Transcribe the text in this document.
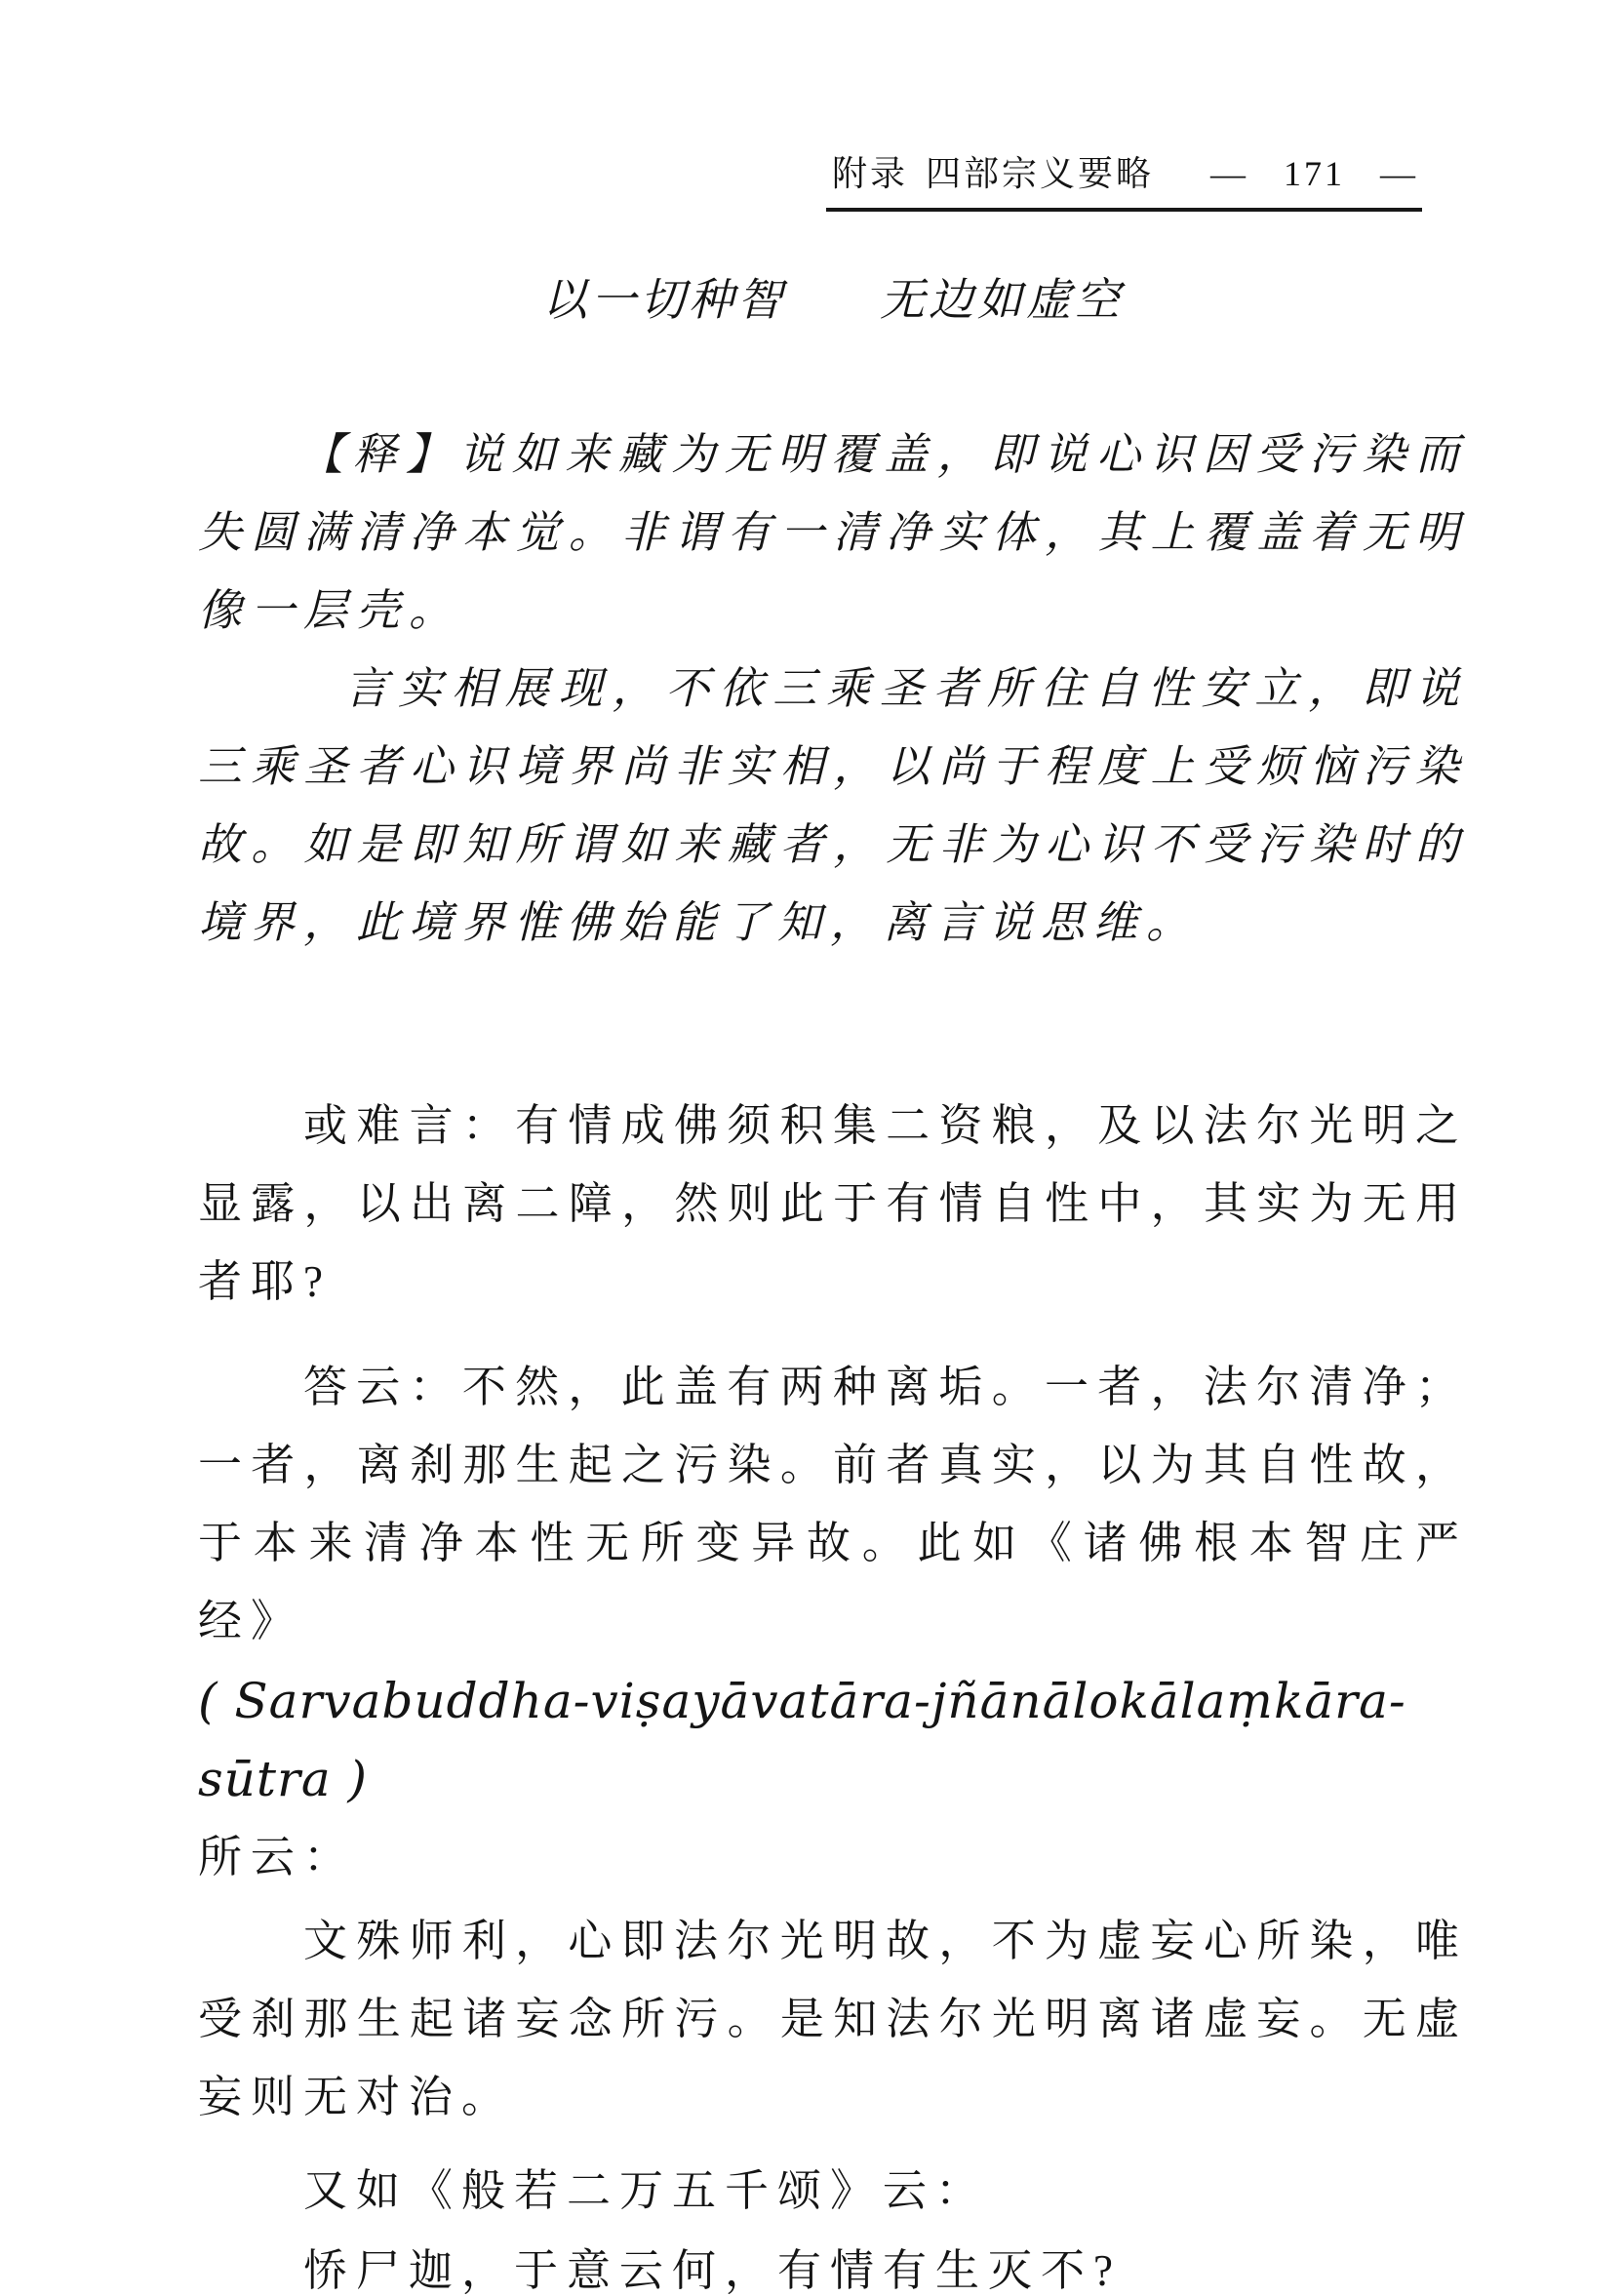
附录 四部宗义要略 — 171 —
以一切种智 无边如虚空

【释】说如来藏为无明覆盖，即说心识因受污染而失圆满清净本觉。非谓有一清净实体，其上覆盖着无明像一层壳。

言实相展现，不依三乘圣者所住自性安立，即说三乘圣者心识境界尚非实相，以尚于程度上受烦恼污染故。如是即知所谓如来藏者，无非为心识不受污染时的境界，此境界惟佛始能了知，离言说思维。

或难言：有情成佛须积集二资粮，及以法尔光明之显露，以出离二障，然则此于有情自性中，其实为无用者耶?

答云：不然，此盖有两种离垢。一者，法尔清净；一者，离刹那生起之污染。前者真实，以为其自性故，于本来清净本性无所变异故。此如《诸佛根本智庄严经》

( Sarvabuddha-viṣayāvatāra-jñānālokālaṃkāra-sūtra )

所云：

文殊师利，心即法尔光明故，不为虚妄心所染，唯受刹那生起诸妄念所污。是知法尔光明离诸虚妄。无虚妄则无对治。

又如《般若二万五千颂》云：

㤭尸迦，于意云何，有情有生灭不?
